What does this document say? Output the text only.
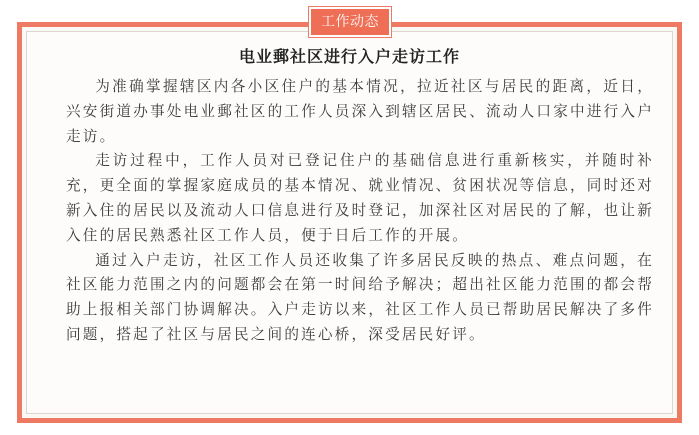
工作动态
电业郵社区进行入户走访工作

为准确掌握辖区内各小区住户的基本情况，拉近社区与居民的距离，近日，兴安街道办事处电业郵社区的工作人员深入到辖区居民、流动人口家中进行入户走访。

走访过程中，工作人员对已登记住户的基础信息进行重新核实，并随时补充，更全面的掌握家庭成员的基本情况、就业情况、贫困状况等信息，同时还对新入住的居民以及流动人口信息进行及时登记，加深社区对居民的了解，也让新入住的居民熟悉社区工作人员，便于日后工作的开展。

通过入户走访，社区工作人员还收集了许多居民反映的热点、难点问题，在社区能力范围之内的问题都会在第一时间给予解决；超出社区能力范围的都会帮助上报相关部门协调解决。入户走访以来，社区工作人员已帮助居民解决了多件问题，搭起了社区与居民之间的连心桥，深受居民好评。
